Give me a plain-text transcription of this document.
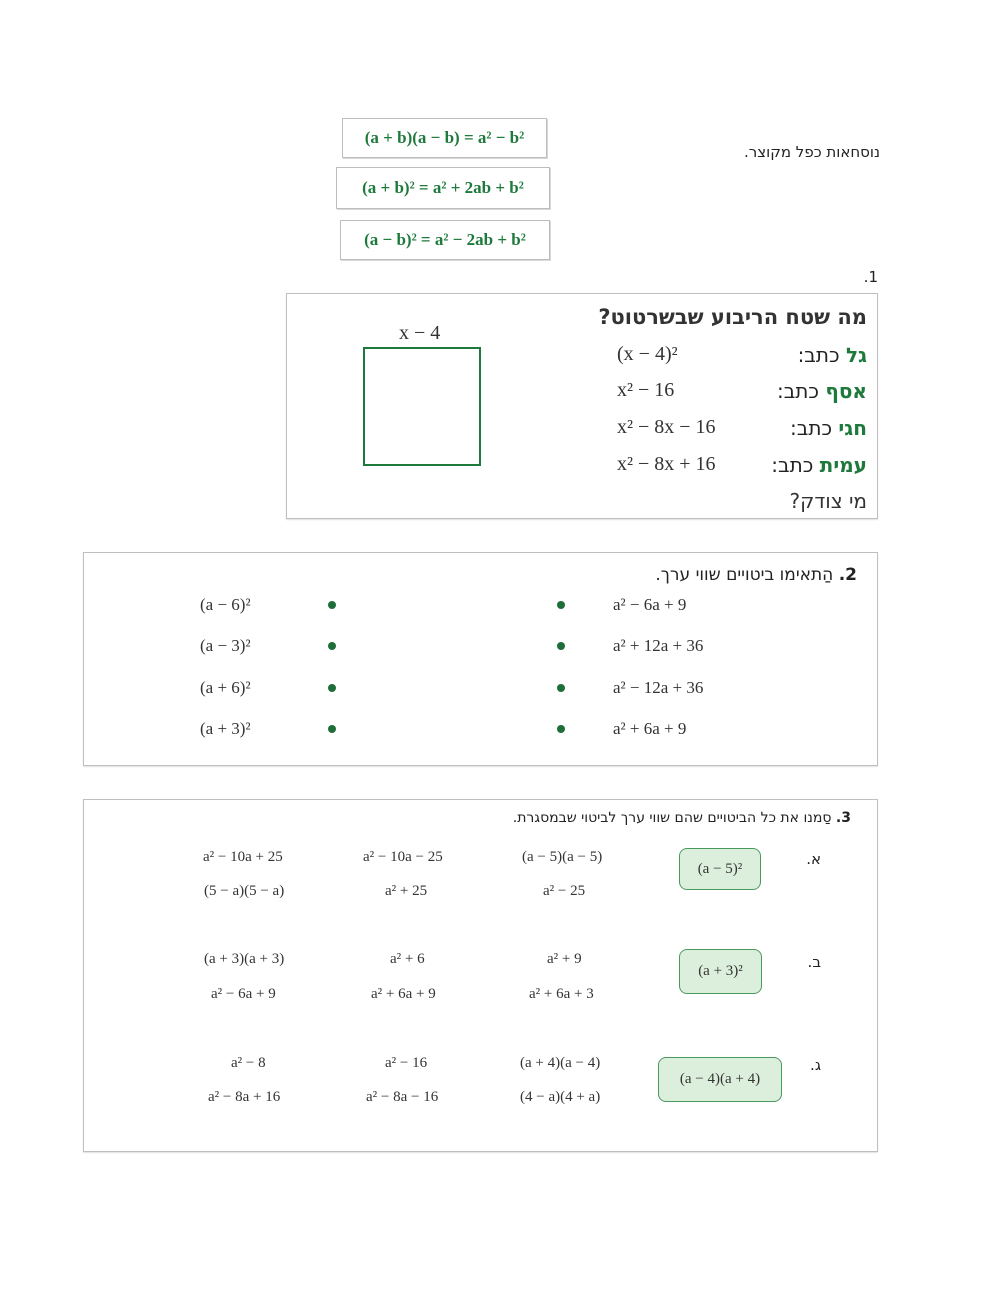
נוסחאות כפל מקוצר.
(a + b)(a − b) = a² − b²
(a + b)² = a² + 2ab + b²
(a − b)² = a² − 2ab + b²
1.
מה שטח הריבוע שבשרטוט?
x − 4
גל כתב:
(x − 4)²
אסף כתב:
x² − 16
חגי כתב:
x² − 8x − 16
עמית כתב:
x² − 8x + 16
מי צודק?
2. הַתאימו ביטויים שווי ערך.
(a − 6)²
(a − 3)²
(a + 6)²
(a + 3)²
a² − 6a + 9
a² + 12a + 36
a² − 12a + 36
a² + 6a + 9
3. סַמנו את כל הביטויים שהם שווי ערך לביטוי שבמסגרת.
א.
(a − 5)²
(a − 5)(a − 5)
a² − 25
a² − 10a − 25
a² + 25
a² − 10a + 25
(5 − a)(5 − a)
ב.
(a + 3)²
a² + 9
a² + 6a + 3
a² + 6
a² + 6a + 9
(a + 3)(a + 3)
a² − 6a + 9
ג.
(a − 4)(a + 4)
(a + 4)(a − 4)
(4 − a)(4 + a)
a² − 16
a² − 8a − 16
a² − 8
a² − 8a + 16
